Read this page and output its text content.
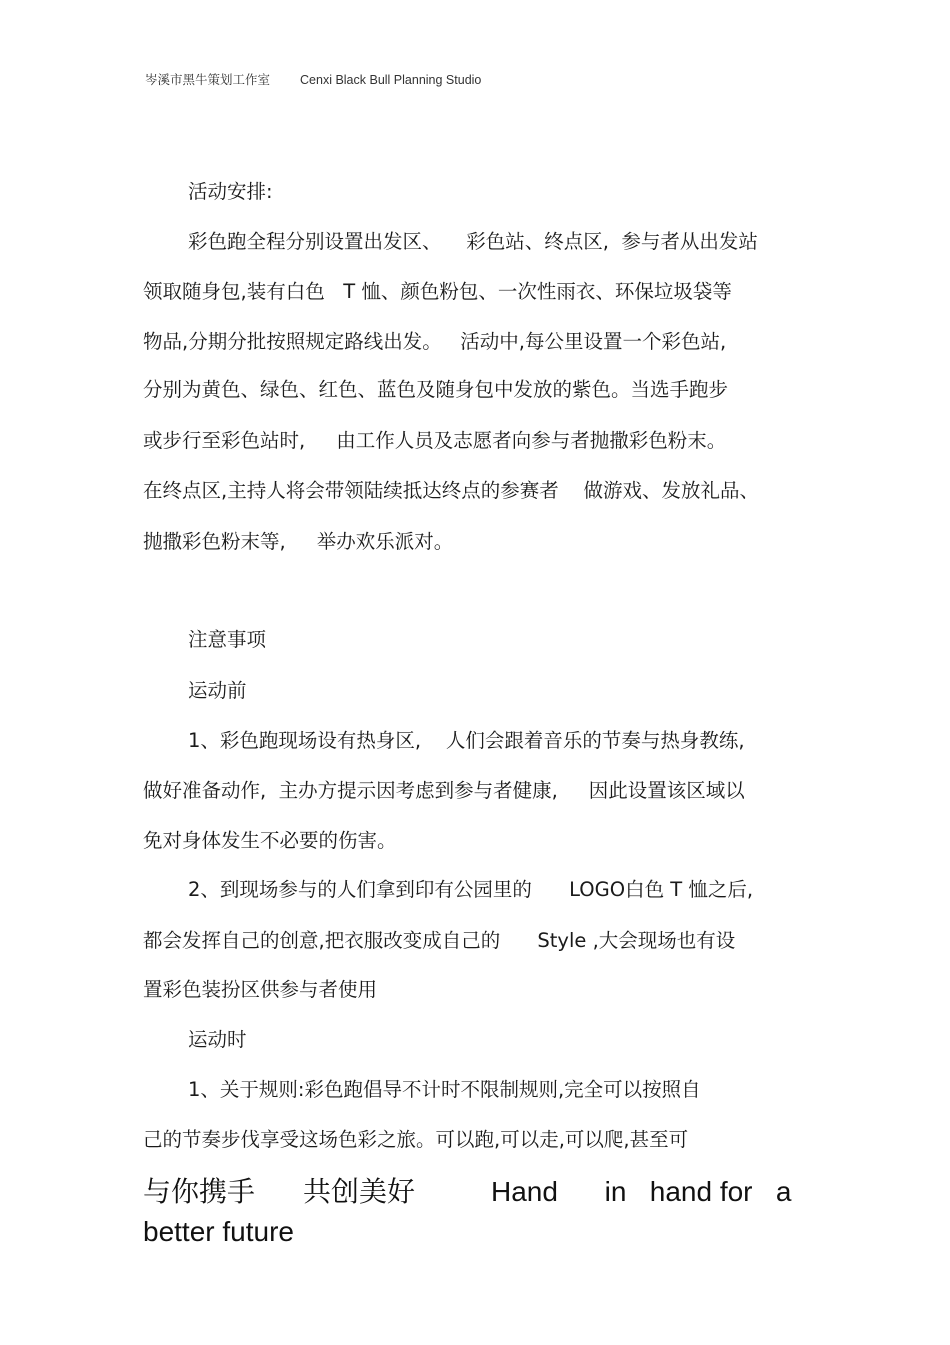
岑溪市黑牛策划工作室 Cenxi Black Bull Planning Studio
活动安排:
彩色跑全程分别设置出发区、    彩色站、终点区,  参与者从出发站
领取随身包,装有白色   T 恤、颜色粉包、一次性雨衣、环保垃圾袋等
物品,分期分批按照规定路线出发。   活动中,每公里设置一个彩色站,
分别为黄色、绿色、红色、蓝色及随身包中发放的紫色。当选手跑步
或步行至彩色站时,     由工作人员及志愿者向参与者抛撒彩色粉末。
在终点区,主持人将会带领陆续抵达终点的参赛者    做游戏、发放礼品、
抛撒彩色粉末等,     举办欢乐派对。
注意事项
运动前
1、彩色跑现场设有热身区,    人们会跟着音乐的节奏与热身教练,
做好准备动作,  主办方提示因考虑到参与者健康,     因此设置该区域以
免对身体发生不必要的伤害。
2、到现场参与的人们拿到印有公园里的      LOGO白色 T 恤之后,
都会发挥自己的创意,把衣服改变成自己的      Style ,大会现场也有设
置彩色装扮区供参与者使用
运动时
1、关于规则:彩色跑倡导不计时不限制规则,完全可以按照自
己的节奏步伐享受这场色彩之旅。可以跑,可以走,可以爬,甚至可
与你携手	共创美好	Hand      in   hand for   a
better future
